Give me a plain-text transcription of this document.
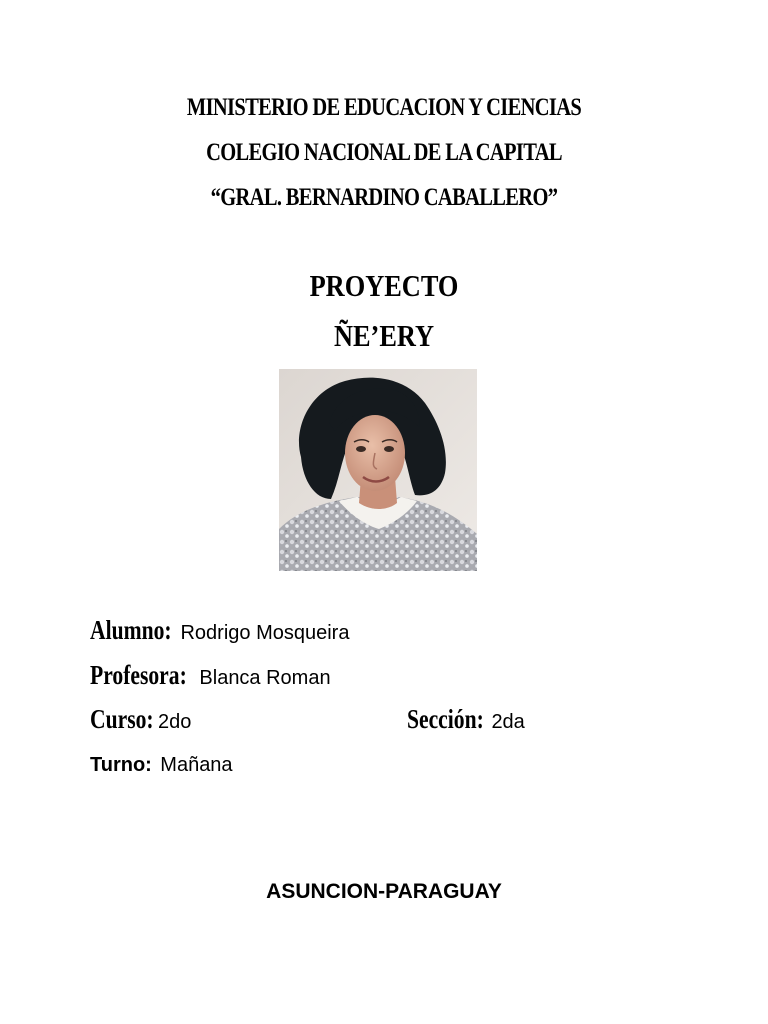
MINISTERIO DE EDUCACION Y CIENCIAS
COLEGIO NACIONAL DE LA CAPITAL
“GRAL. BERNARDINO CABALLERO”
PROYECTO
ÑE’ERY
Alumno: Rodrigo Mosqueira
Profesora: Blanca Roman
Curso: 2do	Sección: 2da
Turno: Mañana
ASUNCION-PARAGUAY
